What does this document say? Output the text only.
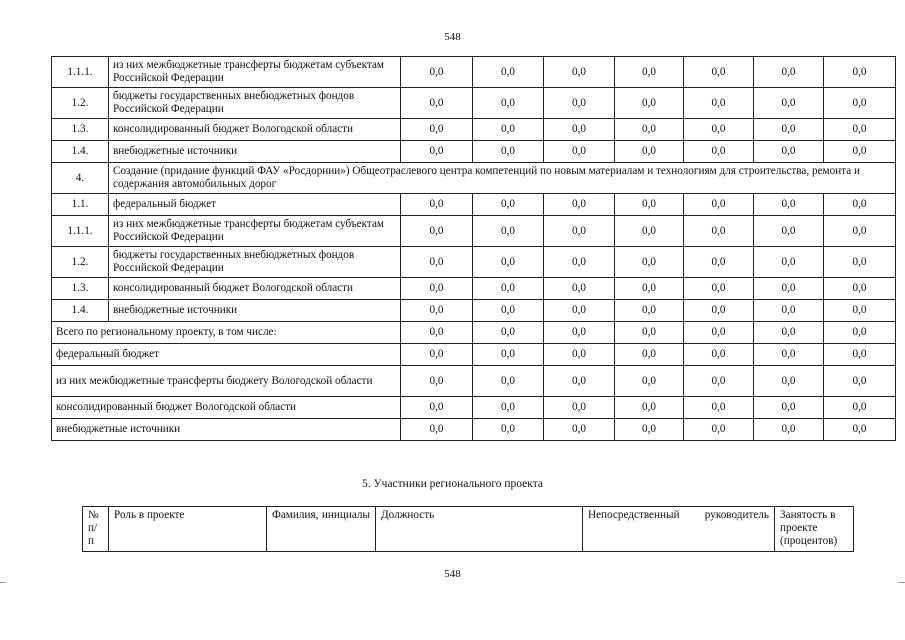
548
1.1.1.	из них межбюджетные трансферты бюджетам субъектам Российской Федерации	0,0	0,0	0,0	0,0	0,0	0,0	0,0
1.2.	бюджеты государственных внебюджетных фондов Российской Федерации	0,0	0,0	0,0	0,0	0,0	0,0	0,0
1.3.	консолидированный бюджет Вологодской области	0,0	0,0	0,0	0,0	0,0	0,0	0,0
1.4.	внебюджетные источники	0,0	0,0	0,0	0,0	0,0	0,0	0,0
4.	Создание (придание функций ФАУ «Росдорнии») Общеотраслевого центра компетенций по новым материалам и технологиям для строительства, ремонта и содержания автомобильных дорог							
1.1.	федеральный бюджет	0,0	0,0	0,0	0,0	0,0	0,0	0,0
1.1.1.	из них межбюджетные трансферты бюджетам субъектам Российской Федерации	0,0	0,0	0,0	0,0	0,0	0,0	0,0
1.2.	бюджеты государственных внебюджетных фондов Российской Федерации	0,0	0,0	0,0	0,0	0,0	0,0	0,0
1.3.	консолидированный бюджет Вологодской области	0,0	0,0	0,0	0,0	0,0	0,0	0,0
1.4.	внебюджетные источники	0,0	0,0	0,0	0,0	0,0	0,0	0,0
Всего по региональному проекту, в том числе:		0,0	0,0	0,0	0,0	0,0	0,0	0,0
федеральный бюджет		0,0	0,0	0,0	0,0	0,0	0,0	0,0
из них межбюджетные трансферты бюджету Вологодской области		0,0	0,0	0,0	0,0	0,0	0,0	0,0
консолидированный бюджет Вологодской области		0,0	0,0	0,0	0,0	0,0	0,0	0,0
внебюджетные источники		0,0	0,0	0,0	0,0	0,0	0,0	0,0
5. Участники регионального проекта
№ п/п	Роль в проекте	Фамилия, инициалы	Должность	Непосредственный руководитель	Занятость в проекте (процентов)
548
